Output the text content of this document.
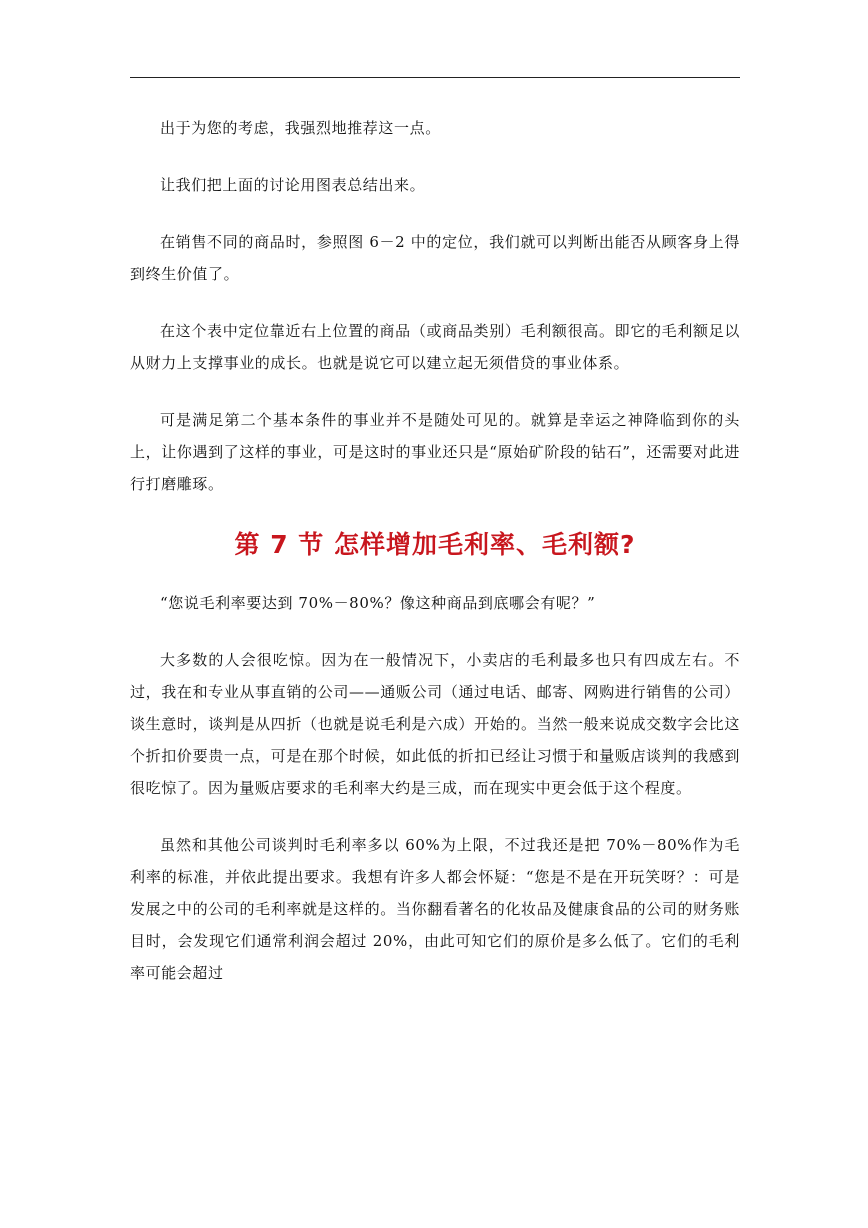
出于为您的考虑，我强烈地推荐这一点。

让我们把上面的讨论用图表总结出来。

在销售不同的商品时，参照图 6－2 中的定位，我们就可以判断出能否从顾客身上得到终生价值了。

在这个表中定位靠近右上位置的商品（或商品类别）毛利额很高。即它的毛利额足以从财力上支撑事业的成长。也就是说它可以建立起无须借贷的事业体系。

可是满足第二个基本条件的事业并不是随处可见的。就算是幸运之神降临到你的头上，让你遇到了这样的事业，可是这时的事业还只是“原始矿阶段的钻石”，还需要对此进行打磨雕琢。

第 7 节 怎样增加毛利率、毛利额?

“您说毛利率要达到 70%－80%？像这种商品到底哪会有呢？”

大多数的人会很吃惊。因为在一般情况下，小卖店的毛利最多也只有四成左右。不过，我在和专业从事直销的公司——通贩公司（通过电话、邮寄、网购进行销售的公司）谈生意时，谈判是从四折（也就是说毛利是六成）开始的。当然一般来说成交数字会比这个折扣价要贵一点，可是在那个时候，如此低的折扣已经让习惯于和量贩店谈判的我感到很吃惊了。因为量贩店要求的毛利率大约是三成，而在现实中更会低于这个程度。

虽然和其他公司谈判时毛利率多以 60%为上限，不过我还是把 70%－80%作为毛利率的标准，并依此提出要求。我想有许多人都会怀疑：“您是不是在开玩笑呀？：可是发展之中的公司的毛利率就是这样的。当你翻看著名的化妆品及健康食品的公司的财务账目时，会发现它们通常利润会超过 20%，由此可知它们的原价是多么低了。它们的毛利率可能会超过
